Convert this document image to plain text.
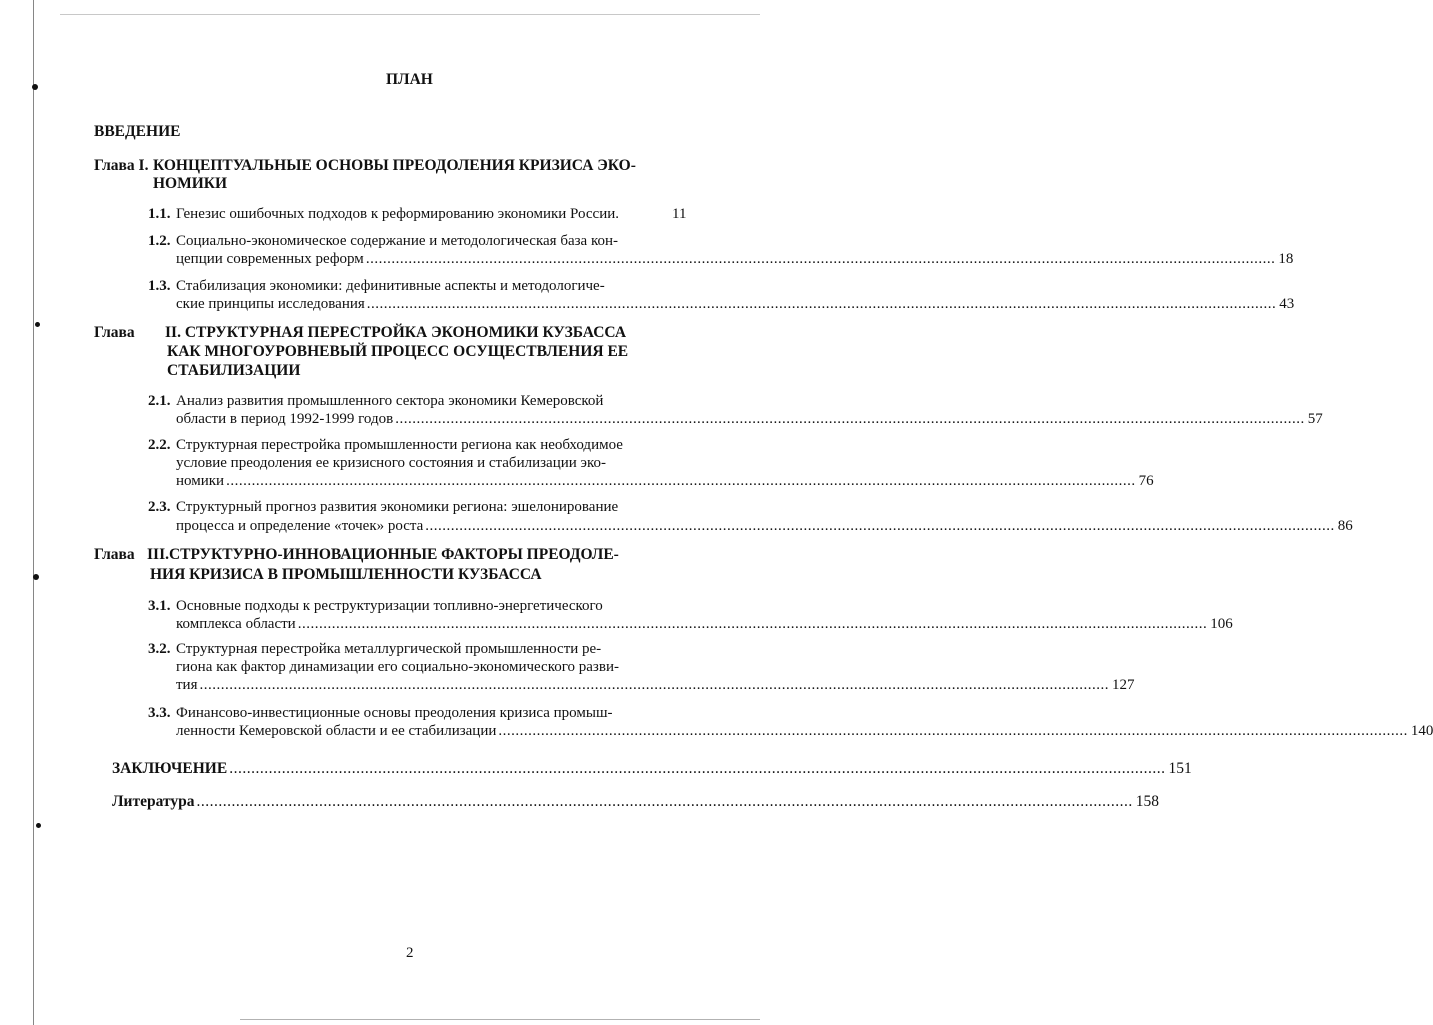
ПЛАН
ВВЕДЕНИЕ
Глава I. КОНЦЕПТУАЛЬНЫЕ ОСНОВЫ ПРЕОДОЛЕНИЯ КРИЗИСА ЭКО-
НОМИКИ
1.1. Генезис ошибочных подходов к реформированию экономики России.	11
1.2. Социально-экономическое содержание и методологическая база кон-
цепции современных реформ ...................................................................................................................................................................................................................... 18
1.3. Стабилизация экономики: дефинитивные аспекты и методологиче-
ские принципы исследования ...................................................................................................................................................................................................................... 43
Глава II. СТРУКТУРНАЯ ПЕРЕСТРОЙКА ЭКОНОМИКИ КУЗБАССА
КАК МНОГОУРОВНЕВЫЙ ПРОЦЕСС ОСУЩЕСТВЛЕНИЯ ЕЕ
СТАБИЛИЗАЦИИ
2.1. Анализ развития промышленного сектора экономики Кемеровской
области в период 1992-1999 годов ...................................................................................................................................................................................................................... 57
2.2. Структурная перестройка промышленности региона как необходимое
условие преодоления ее кризисного состояния и стабилизации эко-
номики ...................................................................................................................................................................................................................... 76
2.3. Структурный прогноз развития экономики региона: эшелонирование
процесса и определение «точек» роста ...................................................................................................................................................................................................................... 86
Глава III.СТРУКТУРНО-ИННОВАЦИОННЫЕ ФАКТОРЫ ПРЕОДОЛЕ-
НИЯ КРИЗИСА В ПРОМЫШЛЕННОСТИ КУЗБАССА
3.1. Основные подходы к реструктуризации топливно-энергетического
комплекса области ...................................................................................................................................................................................................................... 106
3.2. Структурная перестройка металлургической промышленности ре-
гиона как фактор динамизации его социально-экономического разви-
тия ...................................................................................................................................................................................................................... 127
3.3. Финансово-инвестиционные основы преодоления кризиса промыш-
ленности Кемеровской области и ее стабилизации ...................................................................................................................................................................................................................... 140
ЗАКЛЮЧЕНИЕ ...................................................................................................................................................................................................................... 151
Литература ...................................................................................................................................................................................................................... 158
2
